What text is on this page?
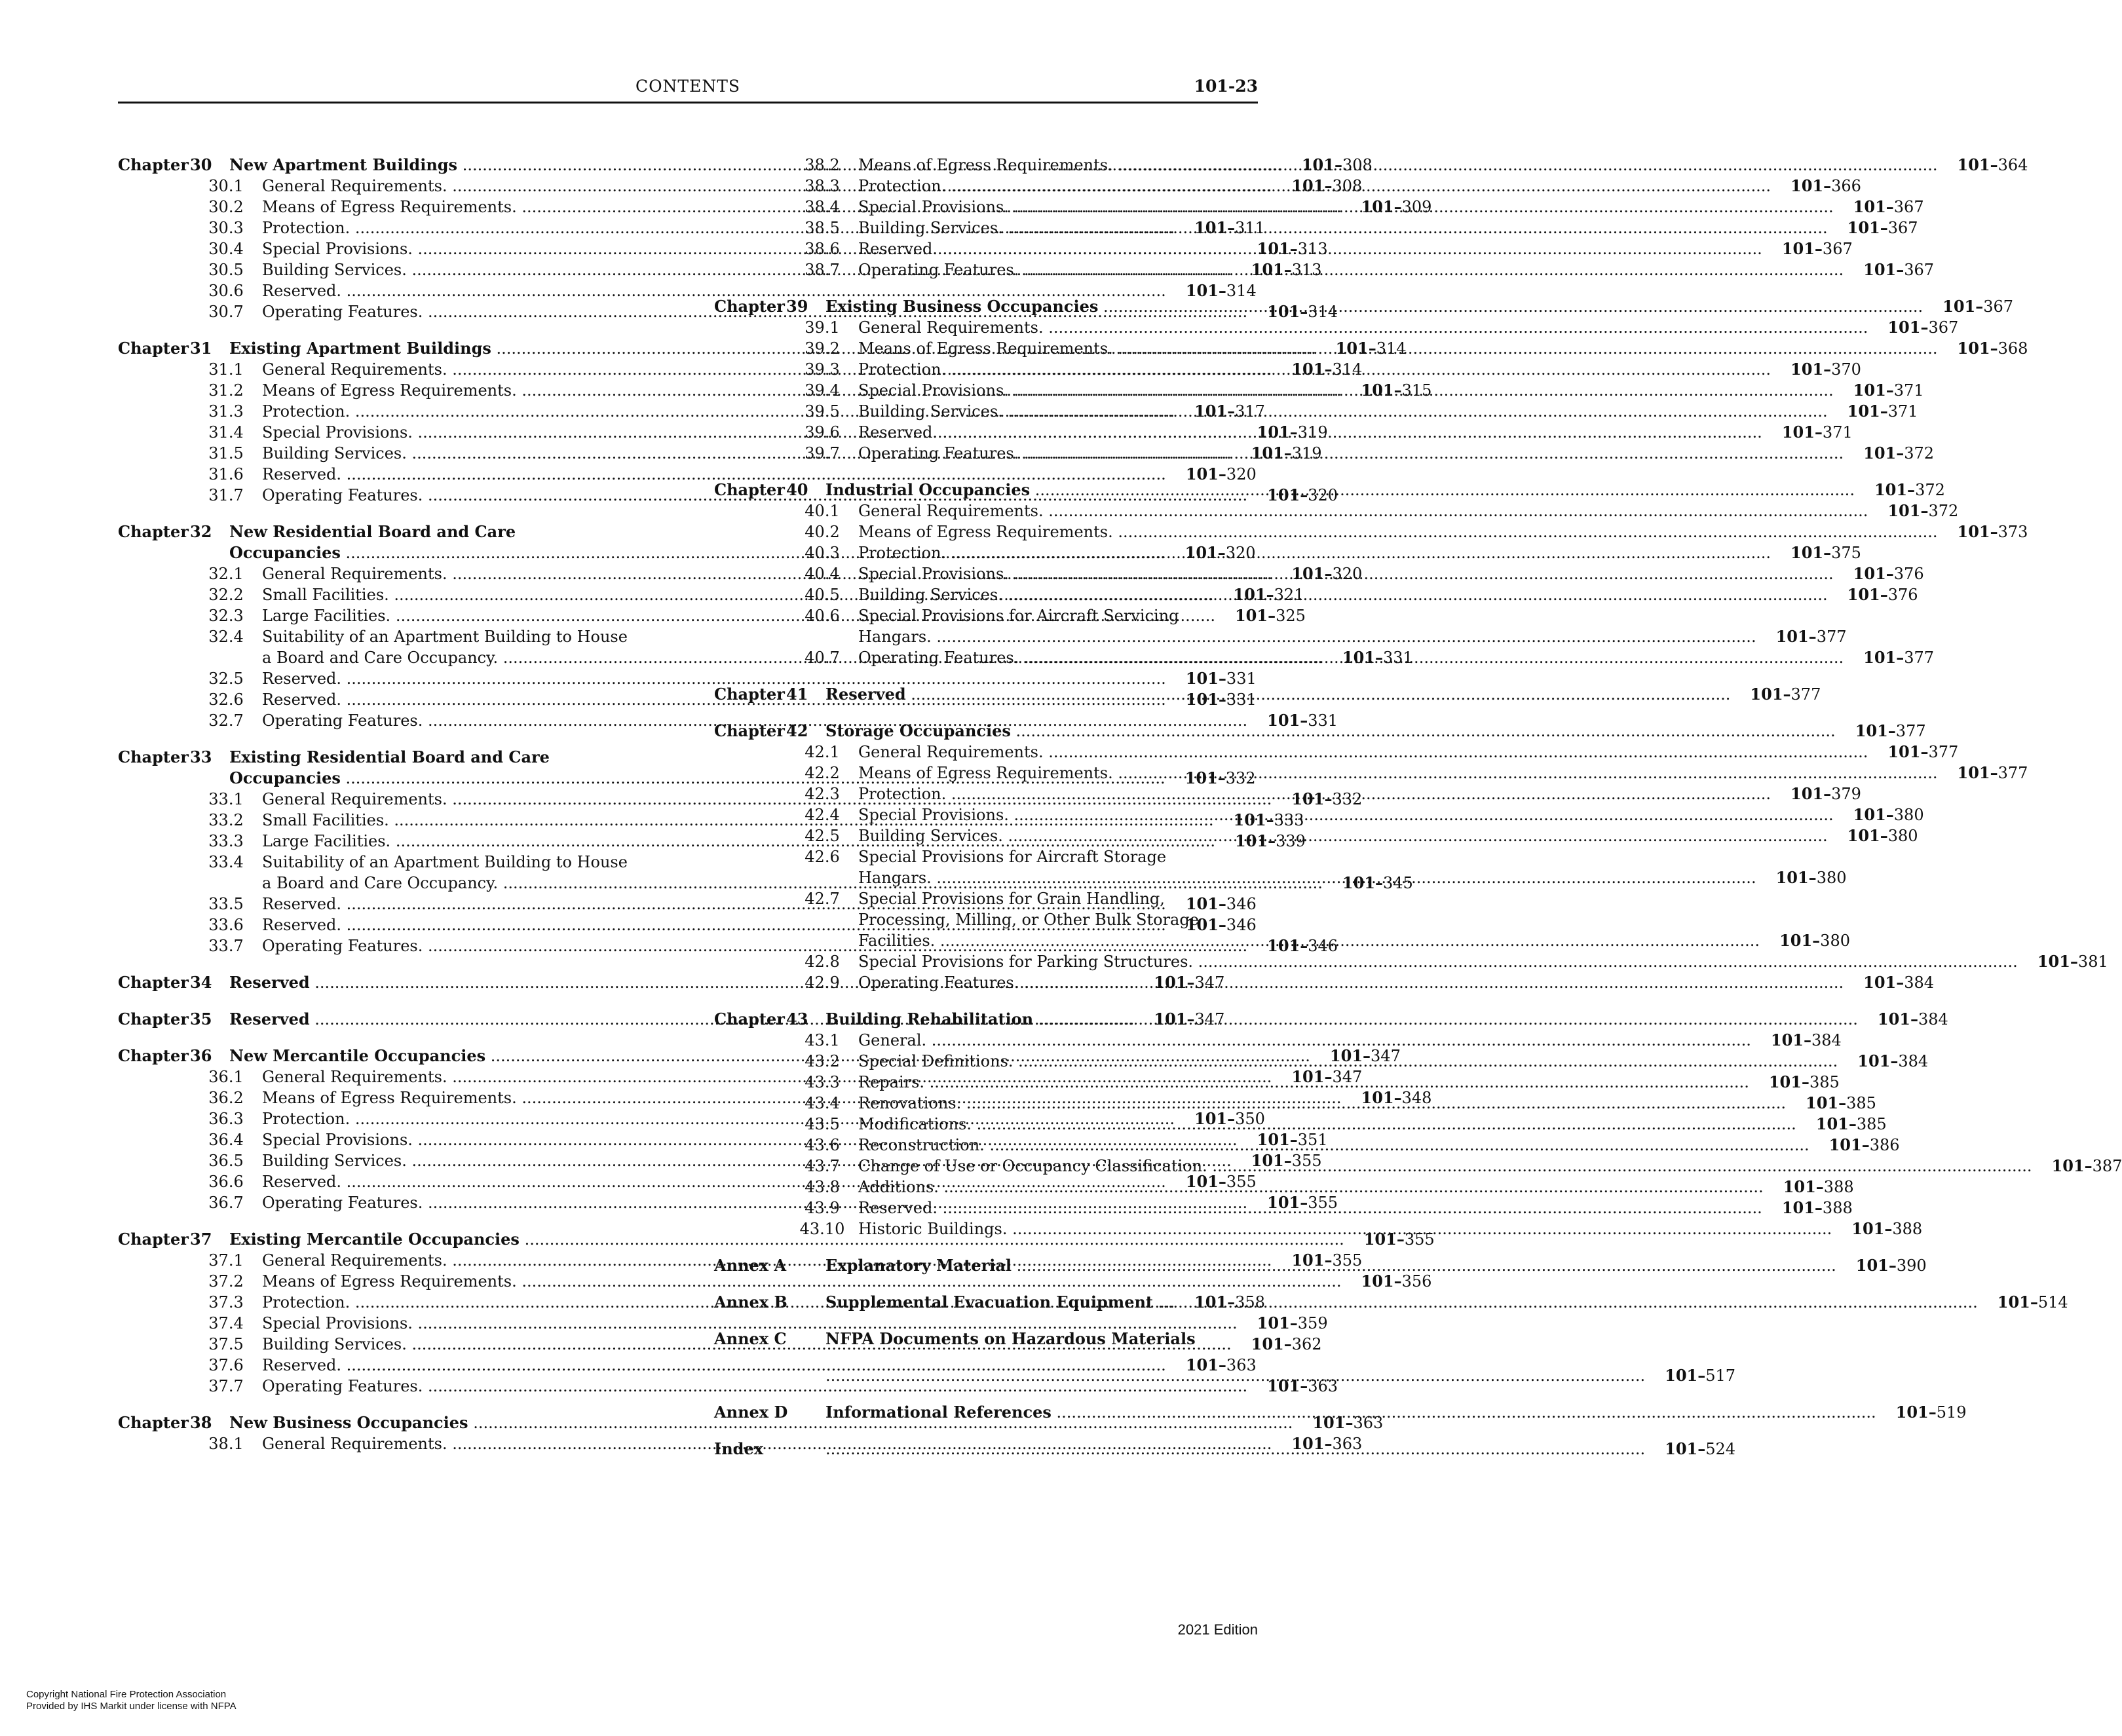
CONTENTS	101-23
Chapter 30	New Apartment Buildings .....	101–308
30.1	General Requirements. .....	101–308
30.2	Means of Egress Requirements. .....	101–309
30.3	Protection. .....	101–311
30.4	Special Provisions. .....	101–313
30.5	Building Services. .....	101–313
30.6	Reserved. .....	101–314
30.7	Operating Features. .....	101–314
Chapter 31	Existing Apartment Buildings .....	101–314
31.1	General Requirements. .....	101–314
31.2	Means of Egress Requirements. .....	101–315
31.3	Protection. .....	101–317
31.4	Special Provisions. .....	101–319
31.5	Building Services. .....	101–319
31.6	Reserved. .....	101–320
31.7	Operating Features. .....	101–320
Chapter 32	New Residential Board and Care
Occupancies .....	101–320
32.1	General Requirements. .....	101–320
32.2	Small Facilities. .....	101–321
32.3	Large Facilities. .....	101–325
32.4	Suitability of an Apartment Building to House
a Board and Care Occupancy. .....	101–331
32.5	Reserved. .....	101–331
32.6	Reserved. .....	101–331
32.7	Operating Features. .....	101–331
Chapter 33	Existing Residential Board and Care
Occupancies .....	101–332
33.1	General Requirements. .....	101–332
33.2	Small Facilities. .....	101–333
33.3	Large Facilities. .....	101–339
33.4	Suitability of an Apartment Building to House
a Board and Care Occupancy. .....	101–345
33.5	Reserved. .....	101–346
33.6	Reserved. .....	101–346
33.7	Operating Features. .....	101–346
Chapter 34	Reserved .....	101–347
Chapter 35	Reserved .....	101–347
Chapter 36	New Mercantile Occupancies .....	101–347
36.1	General Requirements. .....	101–347
36.2	Means of Egress Requirements. .....	101–348
36.3	Protection. .....	101–350
36.4	Special Provisions. .....	101–351
36.5	Building Services. .....	101–355
36.6	Reserved. .....	101–355
36.7	Operating Features. .....	101–355
Chapter 37	Existing Mercantile Occupancies .....	101–355
37.1	General Requirements. .....	101–355
37.2	Means of Egress Requirements. .....	101–356
37.3	Protection. .....	101–358
37.4	Special Provisions. .....	101–359
37.5	Building Services. .....	101–362
37.6	Reserved. .....	101–363
37.7	Operating Features. .....	101–363
Chapter 38	New Business Occupancies .....	101–363
38.1	General Requirements. .....	101–363
38.2	Means of Egress Requirements. .....	101–364
38.3	Protection. .....	101–366
38.4	Special Provisions. .....	101–367
38.5	Building Services. .....	101–367
38.6	Reserved. .....	101–367
38.7	Operating Features. .....	101–367
Chapter 39	Existing Business Occupancies .....	101–367
39.1	General Requirements. .....	101–367
39.2	Means of Egress Requirements. .....	101–368
39.3	Protection. .....	101–370
39.4	Special Provisions. .....	101–371
39.5	Building Services. .....	101–371
39.6	Reserved. .....	101–371
39.7	Operating Features. .....	101–372
Chapter 40	Industrial Occupancies .....	101–372
40.1	General Requirements. .....	101–372
40.2	Means of Egress Requirements. .....	101–373
40.3	Protection. .....	101–375
40.4	Special Provisions. .....	101–376
40.5	Building Services. .....	101–376
40.6	Special Provisions for Aircraft Servicing
Hangars. .....	101–377
40.7	Operating Features. .....	101–377
Chapter 41	Reserved .....	101–377
Chapter 42	Storage Occupancies .....	101–377
42.1	General Requirements. .....	101–377
42.2	Means of Egress Requirements. .....	101–377
42.3	Protection. .....	101–379
42.4	Special Provisions. .....	101–380
42.5	Building Services. .....	101–380
42.6	Special Provisions for Aircraft Storage
Hangars. .....	101–380
42.7	Special Provisions for Grain Handling,
Processing, Milling, or Other Bulk Storage
Facilities. .....	101–380
42.8	Special Provisions for Parking Structures. .....	101–381
42.9	Operating Features. .....	101–384
Chapter 43	Building Rehabilitation .....	101–384
43.1	General. .....	101–384
43.2	Special Definitions. .....	101–384
43.3	Repairs. .....	101–385
43.4	Renovations. .....	101–385
43.5	Modifications. .....	101–385
43.6	Reconstruction. .....	101–386
43.7	Change of Use or Occupancy Classification. .....	101–387
43.8	Additions. .....	101–388
43.9	Reserved. .....	101–388
43.10 Historic Buildings. .....	101–388
Annex A	Explanatory Material .....	101–390
Annex B	Supplemental Evacuation Equipment .....	101–514
Annex C	NFPA Documents on Hazardous Materials
.....
101–517
Annex D	Informational References .....	101–519
Index
.....	101–524
2021 Edition
Copyright National Fire Protection Association
Provided by IHS Markit under license with NFPA
